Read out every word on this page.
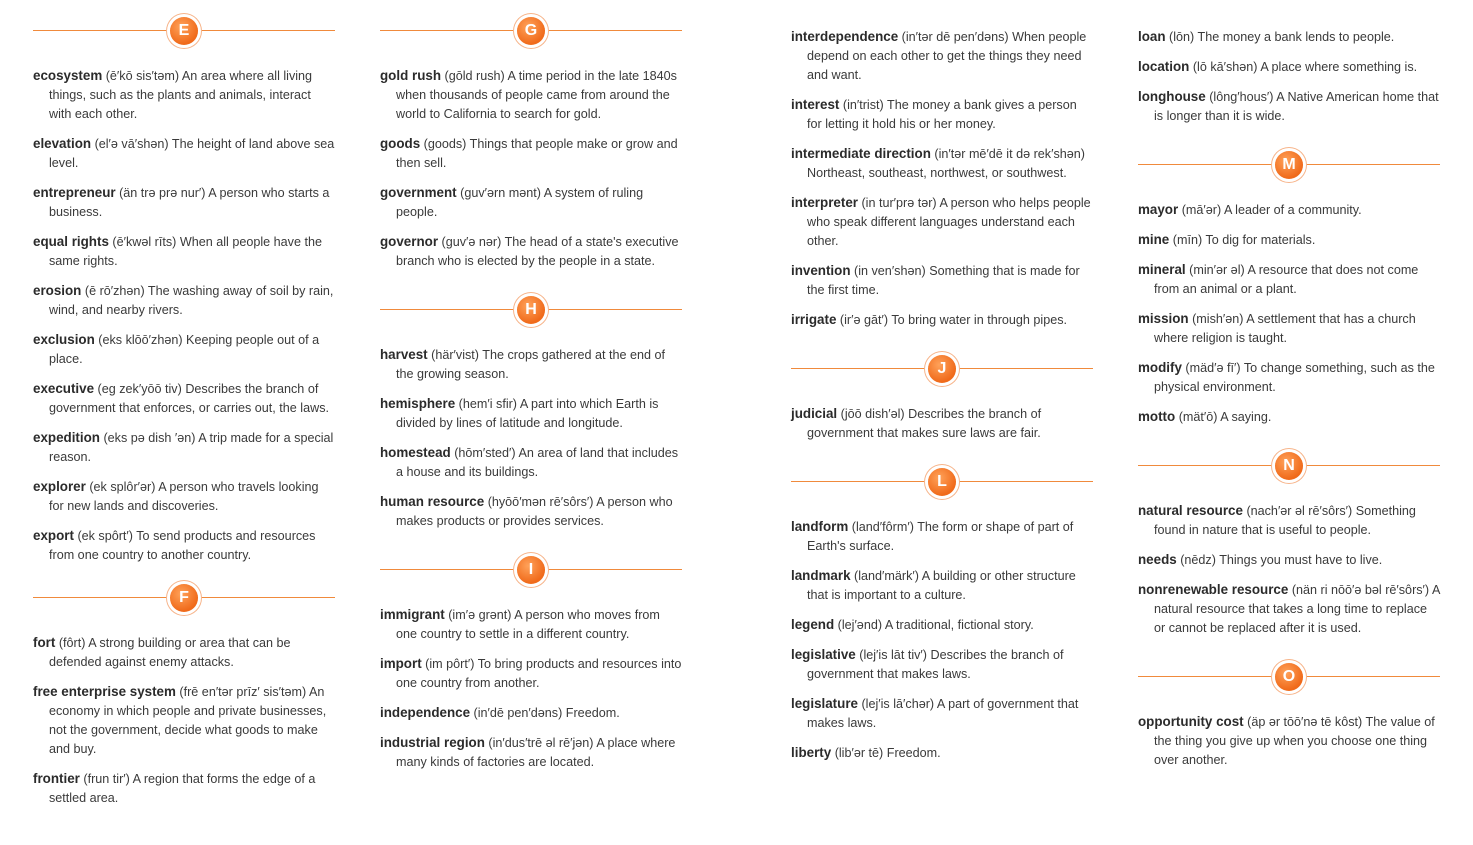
E

ecosystem (ē′kō sis′təm) An area where all living things, such as the plants and animals, interact with each other.

elevation (el′ə vā′shən) The height of land above sea level.

entrepreneur (än trə prə nur′) A person who starts a business.

equal rights (ē′kwəl rīts) When all people have the same rights.

erosion (ē rō′zhən) The washing away of soil by rain, wind, and nearby rivers.

exclusion (eks klōō′zhən) Keeping people out of a place.

executive (eg zek′yōō tiv) Describes the branch of government that enforces, or carries out, the laws.

expedition (eks pə dish ′ən) A trip made for a special reason.

explorer (ek splôr′ər) A person who travels looking for new lands and discoveries.

export (ek spôrt′) To send products and resources from one country to another country.

F

fort (fôrt) A strong building or area that can be defended against enemy attacks.

free enterprise system (frē en′tər prīz′ sis′təm) An economy in which people and private businesses, not the government, decide what goods to make and buy.

frontier (frun tir′) A region that forms the edge of a settled area.

G

gold rush (gōld rush) A time period in the late 1840s when thousands of people came from around the world to California to search for gold.

goods (goods) Things that people make or grow and then sell.

government (guv′ərn mənt) A system of ruling people.

governor (guv′ə nər) The head of a state's executive branch who is elected by the people in a state.

H

harvest (här′vist) The crops gathered at the end of the growing season.

hemisphere (hem′i sfir) A part into which Earth is divided by lines of latitude and longitude.

homestead (hōm′sted′) An area of land that includes a house and its buildings.

human resource (hyōō′mən rē′sôrs′) A person who makes products or provides services.

I

immigrant (im′ə grənt) A person who moves from one country to settle in a different country.

import (im pôrt′) To bring products and resources into one country from another.

independence (in′dē pen′dəns) Freedom.

industrial region (in′dus′trē əl rē′jən) A place where many kinds of factories are located.

interdependence (in′tər dē pen′dəns) When people depend on each other to get the things they need and want.

interest (in′trist) The money a bank gives a person for letting it hold his or her money.

intermediate direction (in′tər mē′dē it də rek′shən) Northeast, southeast, northwest, or southwest.

interpreter (in tur′prə tər) A person who helps people who speak different languages understand each other.

invention (in ven′shən) Something that is made for the first time.

irrigate (ir′ə gāt′) To bring water in through pipes.

J

judicial (jōō dish′əl) Describes the branch of government that makes sure laws are fair.

L

landform (land′fôrm′) The form or shape of part of Earth's surface.

landmark (land′märk′) A building or other structure that is important to a culture.

legend (lej′ənd) A traditional, fictional story.

legislative (lej′is lāt tiv′) Describes the branch of government that makes laws.

legislature (lej′is lā′chər) A part of government that makes laws.

liberty (lib′ər tē) Freedom.

loan (lōn) The money a bank lends to people.

location (lō kā′shən) A place where something is.

longhouse (lông′hous′) A Native American home that is longer than it is wide.

M

mayor (mā′ər) A leader of a community.

mine (mīn) To dig for materials.

mineral (min′ər əl) A resource that does not come from an animal or a plant.

mission (mish′ən) A settlement that has a church where religion is taught.

modify (mäd′ə fī′) To change something, such as the physical environment.

motto (mät′ō) A saying.

N

natural resource (nach′ər əl rē′sôrs′) Something found in nature that is useful to people.

needs (nēdz) Things you must have to live.

nonrenewable resource (nän ri nōō′ə bəl rē′sôrs′) A natural resource that takes a long time to replace or cannot be replaced after it is used.

O

opportunity cost (äp ər tōō′nə tē kôst) The value of the thing you give up when you choose one thing over another.
